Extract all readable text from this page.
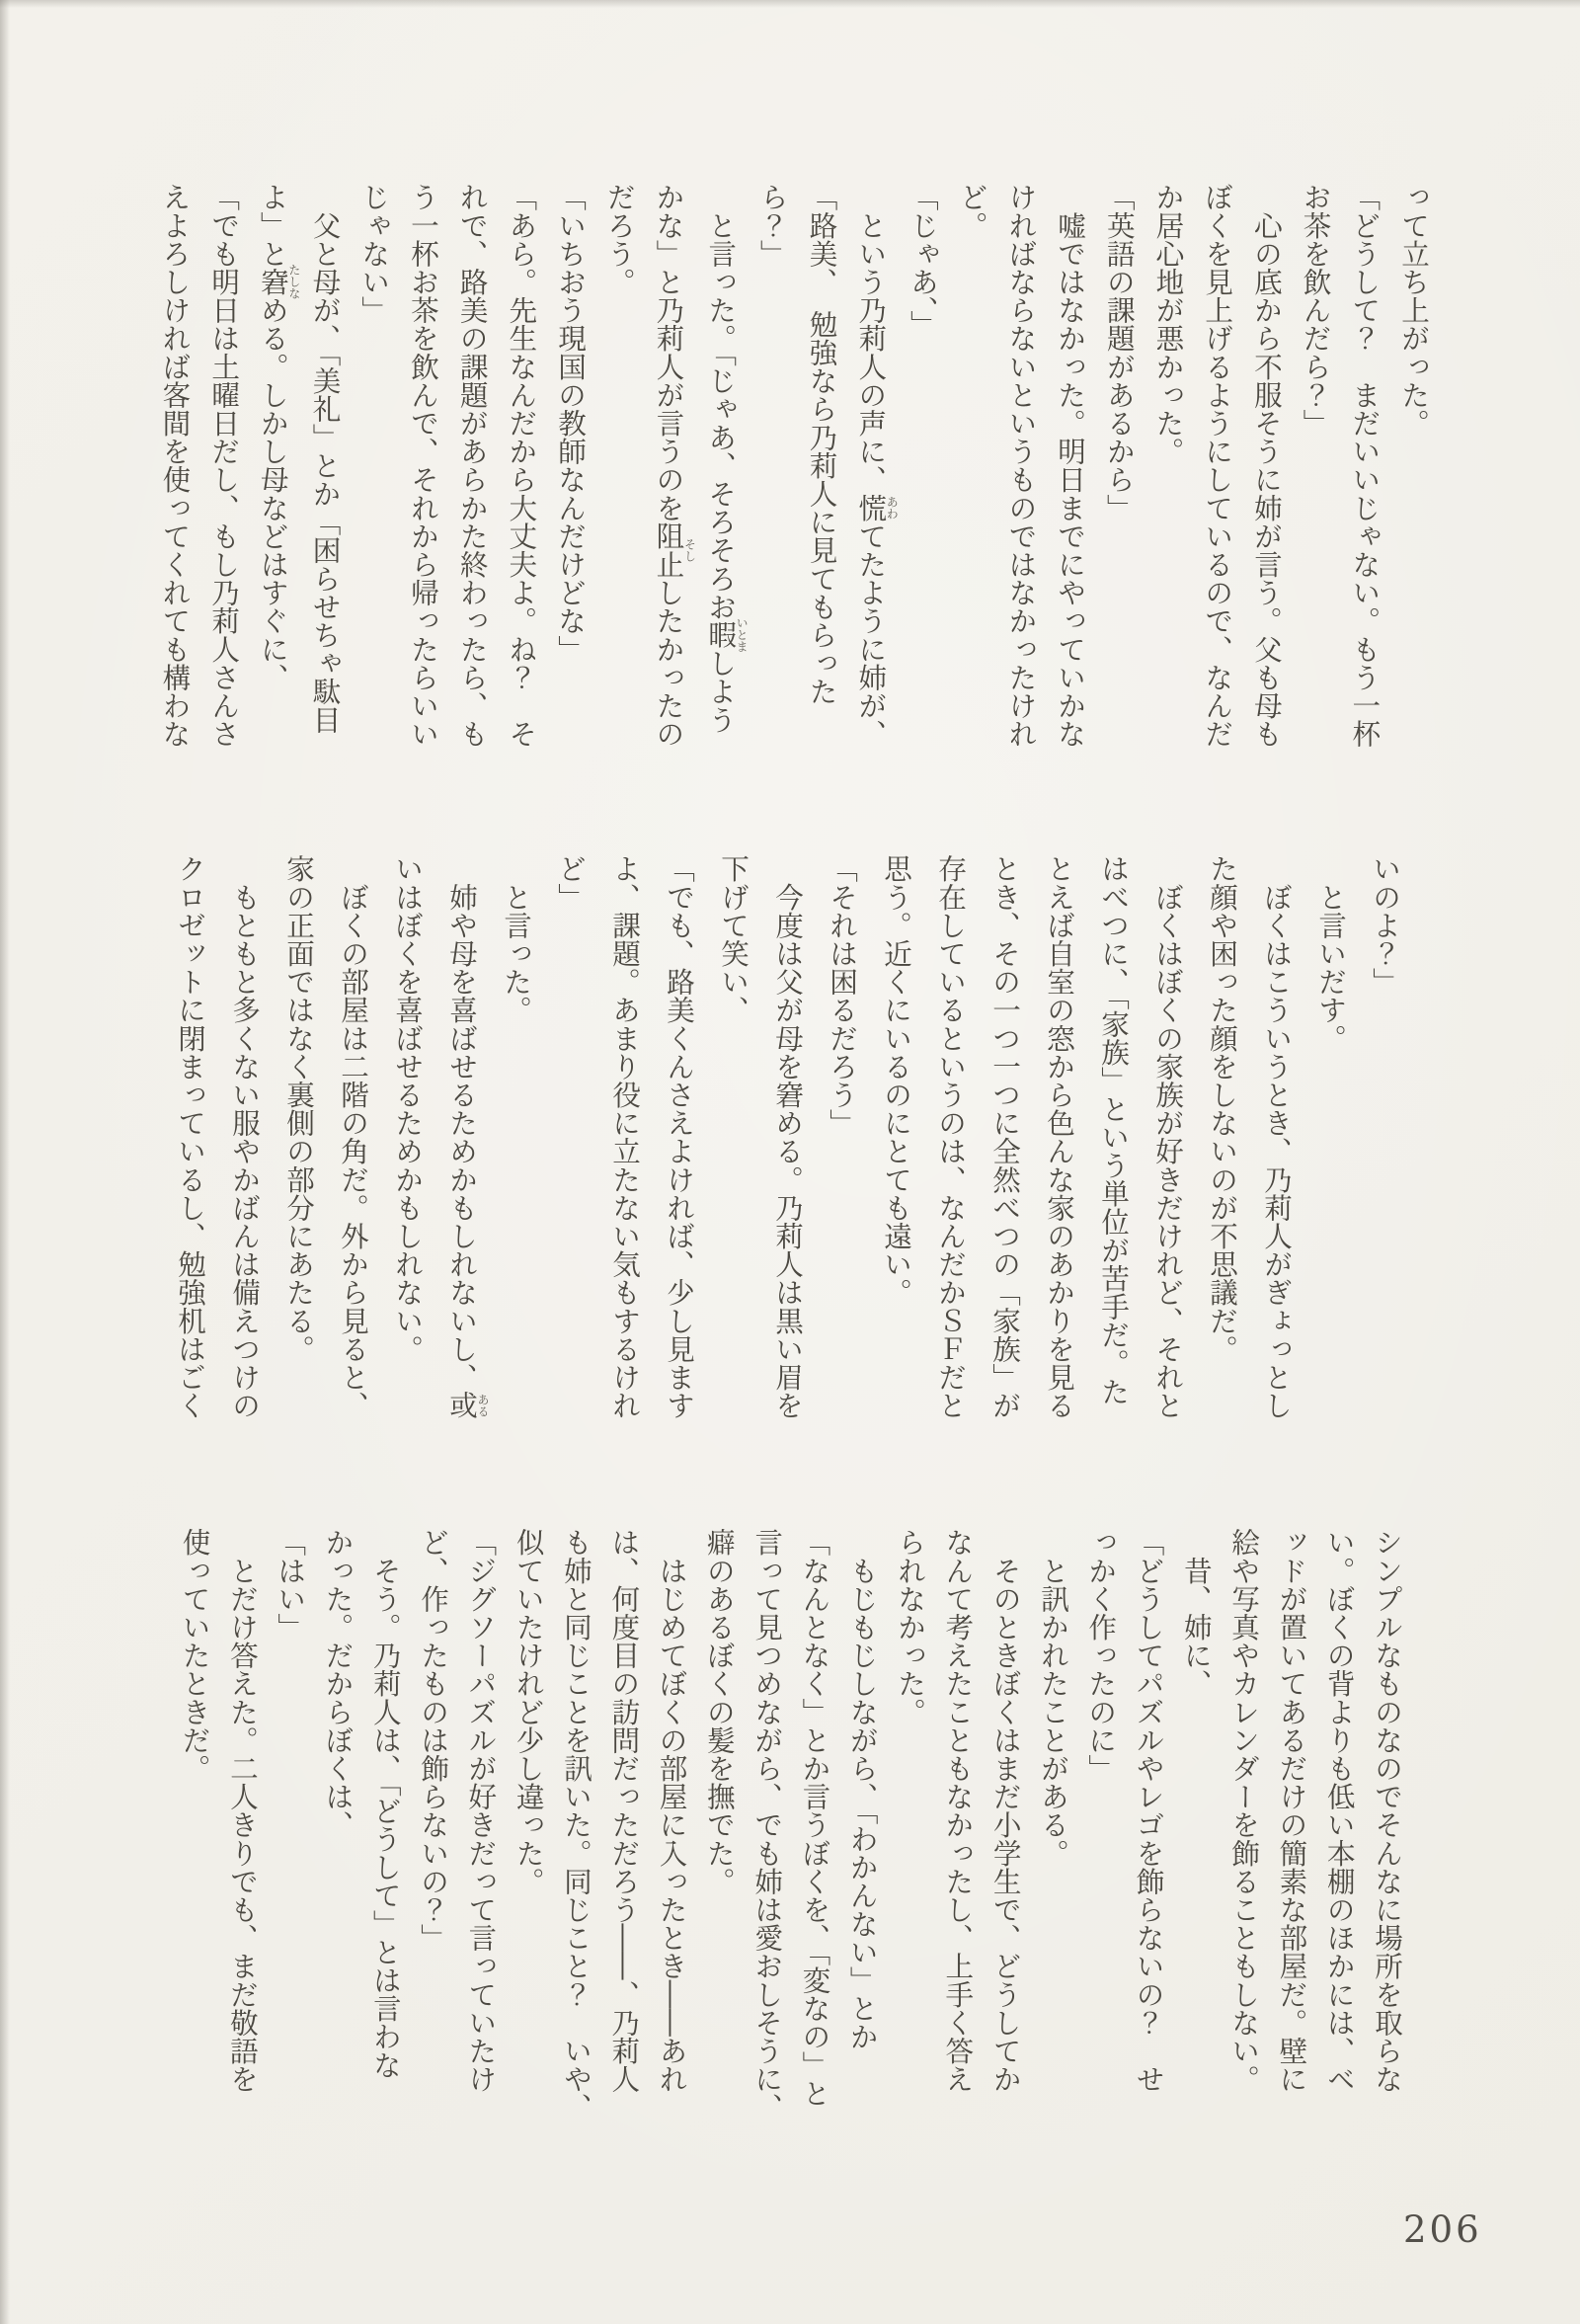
って立ち上がった。
「どうして？　まだいいじゃない。もう一杯
お茶を飲んだら？」
　心の底から不服そうに姉が言う。父も母も
ぼくを見上げるようにしているので、なんだ
か居心地が悪かった。
「英語の課題があるから」
　嘘ではなかった。明日までにやっていかな
ければならないというものではなかったけれ
ど。
「じゃあ、」
　という乃莉人の声に、慌あわてたように姉が、
「路美、　勉強なら乃莉人に見てもらった
ら？」
　と言った。「じゃあ、そろそろお暇いとましよう
かな」と乃莉人が言うのを阻止そししたかったの
だろう。
「いちおう現国の教師なんだけどな」
「あら。先生なんだから大丈夫よ。ね？　そ
れで、路美の課題があらかた終わったら、も
う一杯お茶を飲んで、それから帰ったらいい
じゃない」
　父と母が、「美礼」とか「困らせちゃ駄目
よ」と窘たしなめる。しかし母などはすぐに、
「でも明日は土曜日だし、もし乃莉人さんさ
えよろしければ客間を使ってくれても構わな
いのよ？」
　と言いだす。
　ぼくはこういうとき、乃莉人がぎょっとし
た顔や困った顔をしないのが不思議だ。
　ぼくはぼくの家族が好きだけれど、それと
はべつに、「家族」という単位が苦手だ。た
とえば自室の窓から色んな家のあかりを見る
とき、その一つ一つに全然べつの「家族」が
存在しているというのは、なんだかＳＦだと
思う。近くにいるのにとても遠い。
「それは困るだろう」
　今度は父が母を窘める。乃莉人は黒い眉を
下げて笑い、
「でも、路美くんさえよければ、少し見ます
よ、課題。あまり役に立たない気もするけれ
ど」
　と言った。
　姉や母を喜ばせるためかもしれないし、或ある
いはぼくを喜ばせるためかもしれない。
　ぼくの部屋は二階の角だ。外から見ると、
家の正面ではなく裏側の部分にあたる。
　もともと多くない服やかばんは備えつけの
クロゼットに閉まっているし、勉強机はごく
シンプルなものなのでそんなに場所を取らな
い。ぼくの背よりも低い本棚のほかには、ベ
ッドが置いてあるだけの簡素な部屋だ。壁に
絵や写真やカレンダーを飾ることもしない。
　昔、姉に、
「どうしてパズルやレゴを飾らないの？　せ
っかく作ったのに」
　と訊かれたことがある。
　そのときぼくはまだ小学生で、どうしてか
なんて考えたこともなかったし、上手く答え
られなかった。
　もじもじしながら、「わかんない」とか
「なんとなく」とか言うぼくを、「変なの」と
言って見つめながら、でも姉は愛おしそうに、
癖のあるぼくの髪を撫でた。
　はじめてぼくの部屋に入ったとき――あれ
は、何度目の訪問だっただろう――、乃莉人
も姉と同じことを訊いた。同じこと？　いや、
似ていたけれど少し違った。
「ジグソーパズルが好きだって言っていたけ
ど、作ったものは飾らないの？」
　そう。乃莉人は、「どうして」とは言わな
かった。だからぼくは、
「はい」
　とだけ答えた。二人きりでも、まだ敬語を
使っていたときだ。
206
